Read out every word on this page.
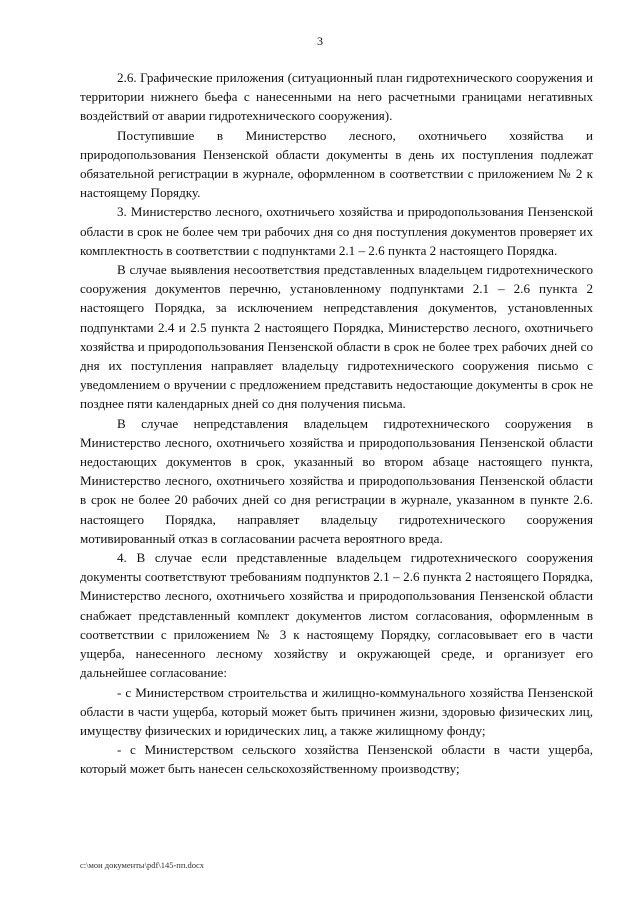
3

2.6. Графические приложения (ситуационный план гидротехнического сооружения и территории нижнего бьефа с нанесенными на него расчетными границами негативных воздействий от аварии гидротехнического сооружения).

Поступившие в Министерство лесного, охотничьего хозяйства и природопользования Пензенской области документы в день их поступления подлежат обязательной регистрации в журнале, оформленном в соответствии с приложением № 2 к настоящему Порядку.

3. Министерство лесного, охотничьего хозяйства и природопользования Пензенской области в срок не более чем три рабочих дня со дня поступления документов проверяет их комплектность в соответствии с подпунктами 2.1 – 2.6 пункта 2 настоящего Порядка.

В случае выявления несоответствия представленных владельцем гидротехнического сооружения документов перечню, установленному подпунктами 2.1 – 2.6 пункта 2 настоящего Порядка, за исключением непредставления документов, установленных подпунктами 2.4 и 2.5 пункта 2 настоящего Порядка, Министерство лесного, охотничьего хозяйства и природопользования Пензенской области в срок не более трех рабочих дней со дня их поступления направляет владельцу гидротехнического сооружения письмо с уведомлением о вручении с предложением представить недостающие документы в срок не позднее пяти календарных дней со дня получения письма.

В случае непредставления владельцем гидротехнического сооружения в Министерство лесного, охотничьего хозяйства и природопользования Пензенской области недостающих документов в срок, указанный во втором абзаце настоящего пункта, Министерство лесного, охотничьего хозяйства и природопользования Пензенской области в срок не более 20 рабочих дней со дня регистрации в журнале, указанном в пункте 2.6. настоящего Порядка, направляет владельцу гидротехнического сооружения мотивированный отказ в согласовании расчета вероятного вреда.

4. В случае если представленные владельцем гидротехнического сооружения документы соответствуют требованиям подпунктов 2.1 – 2.6 пункта 2 настоящего Порядка, Министерство лесного, охотничьего хозяйства и природопользования Пензенской области снабжает представленный комплект документов листом согласования, оформленным в соответствии с приложением № 3 к настоящему Порядку, согласовывает его в части ущерба, нанесенного лесному хозяйству и окружающей среде, и организует его дальнейшее согласование:

- с Министерством строительства и жилищно-коммунального хозяйства Пензенской области в части ущерба, который может быть причинен жизни, здоровью физических лиц, имуществу физических и юридических лиц, а также жилищному фонду;

- с Министерством сельского хозяйства Пензенской области в части ущерба, который может быть нанесен сельскохозяйственному производству;

c:\мои документы\pdf\145-пп.docx
